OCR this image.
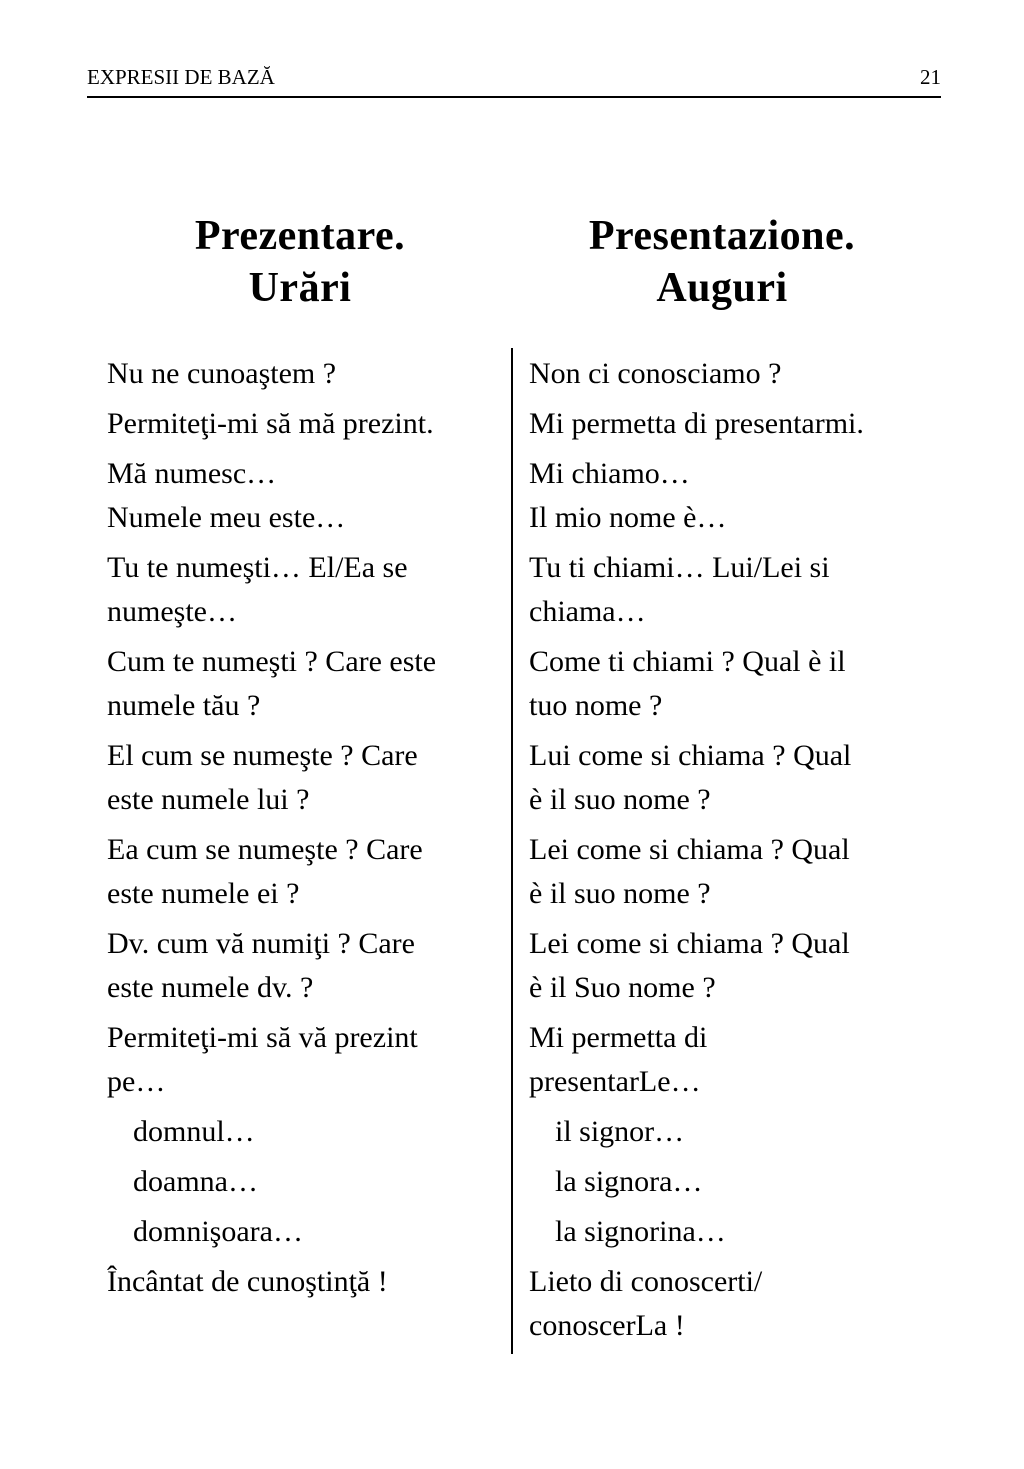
EXPRESII DE BAZĂ	21
Prezentare.
Urări
Presentazione.
Auguri
Nu ne cunoaştem ?
Permiteţi-mi să mă prezint.
Mă numesc…
Numele meu este…
Tu te numeşti… El/Ea se
numeşte…
Cum te numeşti ? Care este
numele tău ?
El cum se numeşte ? Care
este numele lui ?
Ea cum se numeşte ? Care
este numele ei ?
Dv. cum vă numiţi ? Care
este numele dv. ?
Permiteţi-mi să vă prezint
pe…
domnul…
doamna…
domnişoara…
Încântat de cunoştinţă !
Non ci conosciamo ?
Mi permetta di presentarmi.
Mi chiamo…
Il mio nome è…
Tu ti chiami… Lui/Lei si
chiama…
Come ti chiami ? Qual è il
tuo nome ?
Lui come si chiama ? Qual
è il suo nome ?
Lei come si chiama ? Qual
è il suo nome ?
Lei come si chiama ? Qual
è il Suo nome ?
Mi permetta di
presentarLe…
il signor…
la signora…
la signorina…
Lieto di conoscerti/
conoscerLa !
